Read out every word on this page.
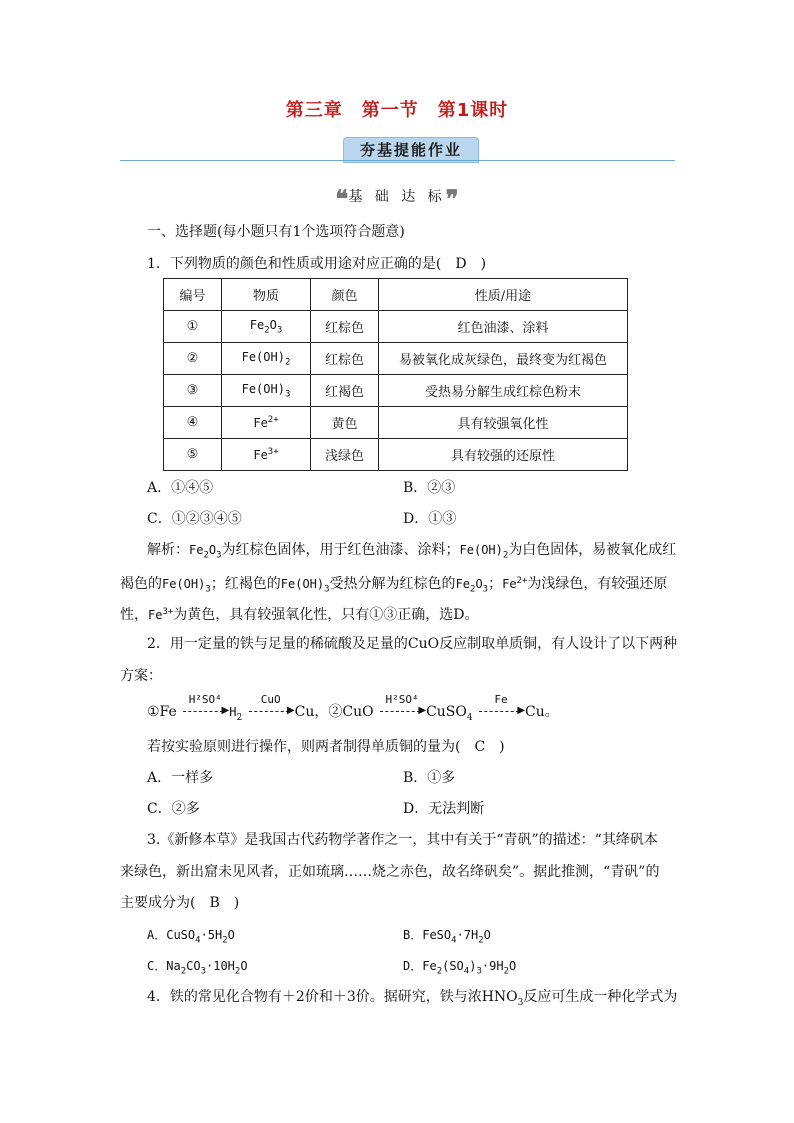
第三章　第一节　第1课时
夯基提能作业
❝基 础 达 标❞
一、选择题(每小题只有1个选项符合题意)
1．下列物质的颜色和性质或用途对应正确的是(　D　)
编号	物质	颜色	性质/用途
①	$Fe_2O_3$	红棕色	红色油漆、涂料
②	$Fe(OH)_2$	红棕色	易被氧化成灰绿色，最终变为红褐色
③	$Fe(OH)_3$	红褐色	受热易分解生成红棕色粉末
④	$Fe^{2+}$	黄色	具有较强氧化性
⑤	$Fe^{3+}$	浅绿色	具有较强的还原性
A．①④⑤	B．②③
C．①②③④⑤	D．①③
解析：$Fe_2O_3$为红棕色固体，用于红色油漆、涂料；$Fe(OH)_2$为白色固体，易被氧化成红
褐色的$Fe(OH)_3$；红褐色的$Fe(OH)_3$受热分解为红棕色的$Fe_2O_3$；$Fe^{2+}$为浅绿色，有较强还原
性，$Fe^{3+}$为黄色，具有较强氧化性，只有①③正确，选D。
2．用一定量的铁与足量的稀硫酸及足量的CuO反应制取单质铜，有人设计了以下两种
方案：
①Fe
H²SO⁴
▶ $H_2$
CuO
▶ Cu，②CuO
H²SO⁴
▶ CuSO$_4$
Fe
▶ Cu。
若按实验原则进行操作，则两者制得单质铜的量为(　C　)
A．一样多	B．①多
C．②多	D．无法判断
3.《新修本草》是我国古代药物学著作之一，其中有关于“青矾”的描述：“其绛矾本
来绿色，新出窟未见风者，正如琉璃……烧之赤色，故名绛矾矣”。据此推测，“青矾”的
主要成分为(　B　)
A．$CuSO_4\cdot 5H_2O$	B．$FeSO_4\cdot 7H_2O$
C．$Na_2CO_3\cdot 10H_2O$	D．$Fe_2(SO_4)_3\cdot 9H_2O$
4．铁的常见化合物有＋2价和＋3价。据研究，铁与浓$HNO_3$反应可生成一种化学式为
